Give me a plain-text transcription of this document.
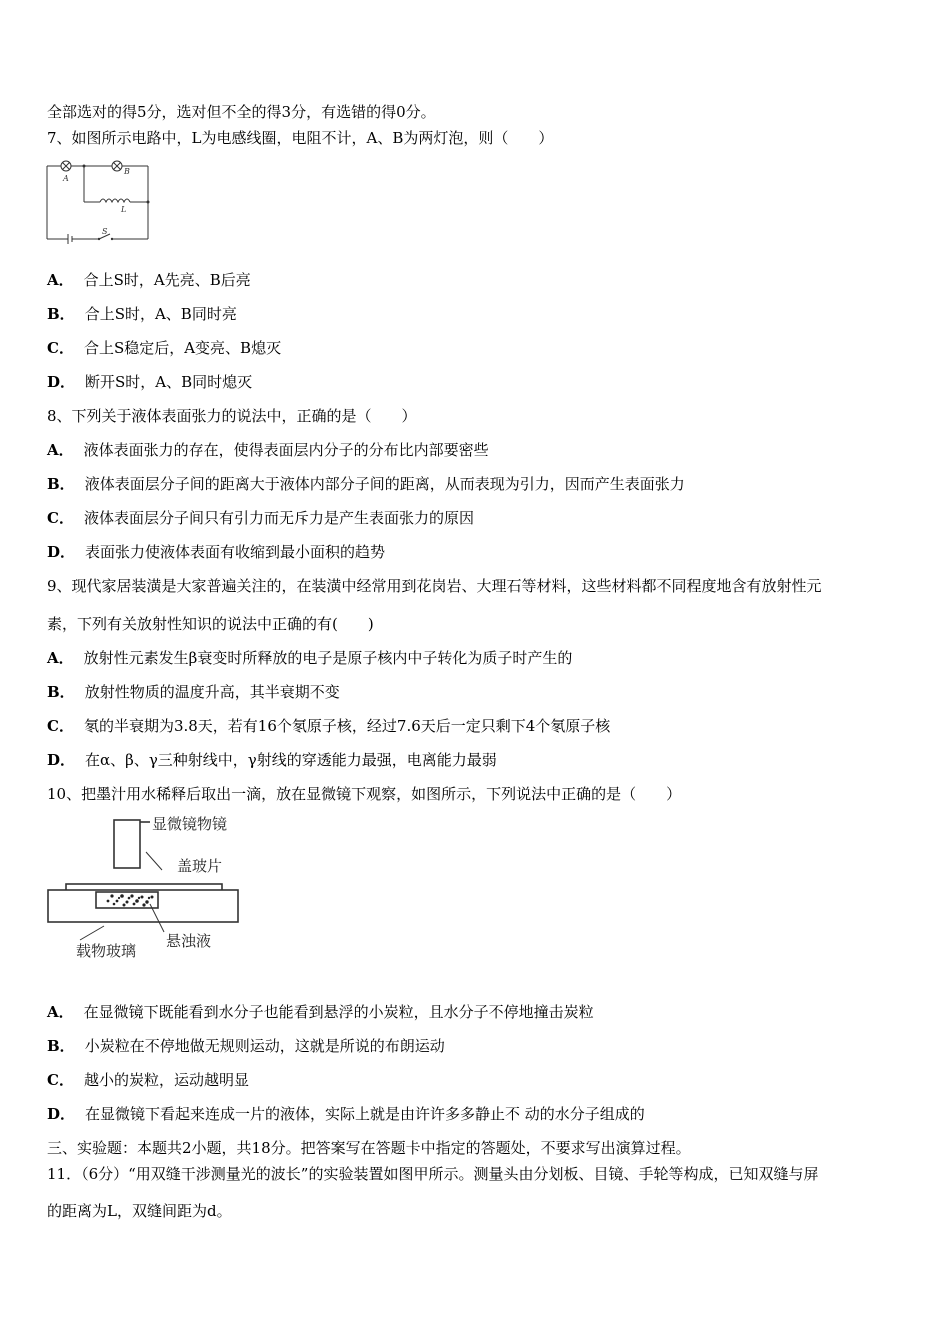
全部选对的得5分，选对但不全的得3分，有选错的得0分。
7、如图所示电路中，L为电感线圈，电阻不计，A、B为两灯泡，则（　　）
A
B
L
S
A． 合上S时，A先亮、B后亮
B． 合上S时，A、B同时亮
C． 合上S稳定后，A变亮、B熄灭
D． 断开S时，A、B同时熄灭
8、下列关于液体表面张力的说法中，正确的是（　　）
A． 液体表面张力的存在，使得表面层内分子的分布比内部要密些
B． 液体表面层分子间的距离大于液体内部分子间的距离，从而表现为引力，因而产生表面张力
C． 液体表面层分子间只有引力而无斥力是产生表面张力的原因
D． 表面张力使液体表面有收缩到最小面积的趋势
9、现代家居装潢是大家普遍关注的，在装潢中经常用到花岗岩、大理石等材料，这些材料都不同程度地含有放射性元
素，下列有关放射性知识的说法中正确的有(　　)
A． 放射性元素发生β衰变时所释放的电子是原子核内中子转化为质子时产生的
B． 放射性物质的温度升高，其半衰期不变
C． 氡的半衰期为3.8天，若有16个氡原子核，经过7.6天后一定只剩下4个氡原子核
D． 在α、β、γ三种射线中，γ射线的穿透能力最强，电离能力最弱
10、把墨汁用水稀释后取出一滴，放在显微镜下观察，如图所示，下列说法中正确的是（　　）
显微镜物镜
盖玻片
载物玻璃
悬浊液
A． 在显微镜下既能看到水分子也能看到悬浮的小炭粒，且水分子不停地撞击炭粒
B． 小炭粒在不停地做无规则运动，这就是所说的布朗运动
C． 越小的炭粒，运动越明显
D． 在显微镜下看起来连成一片的液体，实际上就是由许许多多静止不 动的水分子组成的
三、实验题：本题共2小题，共18分。把答案写在答题卡中指定的答题处，不要求写出演算过程。
11．（6分）“用双缝干涉测量光的波长”的实验装置如图甲所示。测量头由分划板、目镜、手轮等构成，已知双缝与屏
的距离为L，双缝间距为d。
